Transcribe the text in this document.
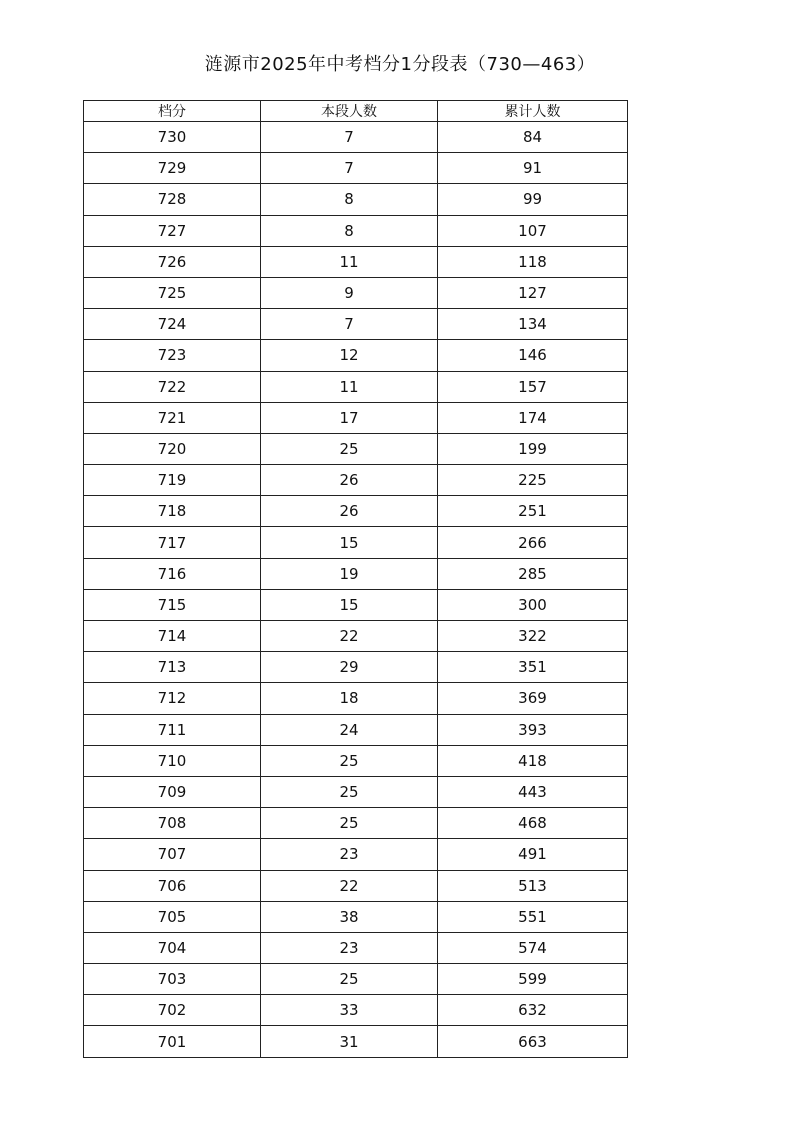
涟源市2025年中考档分1分段表（730—463）
档分	本段人数	累计人数
730	7	84
729	7	91
728	8	99
727	8	107
726	11	118
725	9	127
724	7	134
723	12	146
722	11	157
721	17	174
720	25	199
719	26	225
718	26	251
717	15	266
716	19	285
715	15	300
714	22	322
713	29	351
712	18	369
711	24	393
710	25	418
709	25	443
708	25	468
707	23	491
706	22	513
705	38	551
704	23	574
703	25	599
702	33	632
701	31	663
